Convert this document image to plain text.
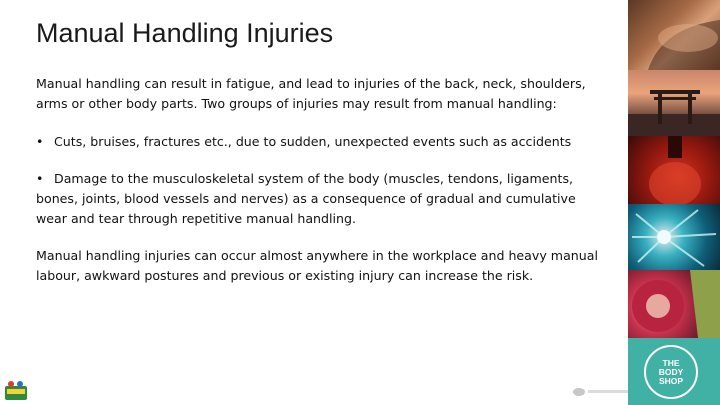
Manual Handling Injuries

Manual handling can result in fatigue, and lead to injuries of the back, neck, shoulders, arms or other body parts. Two groups of injuries may result from manual handling:

• Cuts, bruises, fractures etc., due to sudden, unexpected events such as accidents

• Damage to the musculoskeletal system of the body (muscles, tendons, ligaments, bones, joints, blood vessels and nerves) as a consequence of gradual and cumulative wear and tear through repetitive manual handling.

Manual handling injuries can occur almost anywhere in the workplace and heavy manual labour, awkward postures and previous or existing injury can increase the risk.

THE
BODY
SHOP
